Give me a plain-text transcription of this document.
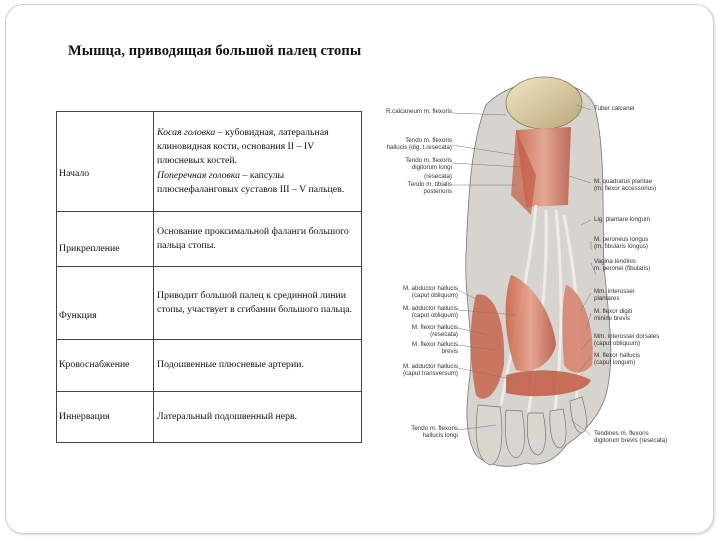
Мышца, приводящая большой палец стопы
Начало	Косая головка – кубовидная, латеральная клиновидная кости, основания II – IV плюсневых костей.

Поперечная головка – капсулы плюснефаланговых суставов III – V пальцев.

Прикрепление	Основание проксимальной фаланги большого пальца стопы.

Функция	Приводит большой палец к срединной линии стопы, участвует в сгибании большого пальца.

Кровоснабжение	Подошвенные плюсневые артерии.

Иннервация	Латеральный подошвенный нерв.
R.calcaneum m. flexoris
Tendo m. flexoris
hallucis (dig. t.resecata)
Tendo m. flexoris
digitorum longi
(resecata)
Tendo m. tibialis
posterioris
M. abductor hallucis
(caput obliquum)
M. adductor hallucis
(caput obliquum)
M. flexor hallucis
(resecata)
M. flexor hallucis
brevis
M. adductor hallucis
(caput transversum)
Tendo m. flexoris
hallucis longi
Tuber calcanei
M. quadratus plantae
(m. flexor accessorius)
Lig. plantare longum
M. peroneus longus
(m. fibularis longus)
Vagina tendinis
m. peronei (fibularis)
Mm. interossei
plantares
M. flexor digiti
minimi brevis
Mm. interossei dorsales
(caput obliquum)
M. flexor hallucis
(caput longum)
Tendines m. flexoris
digitorum brevis (resecata)
